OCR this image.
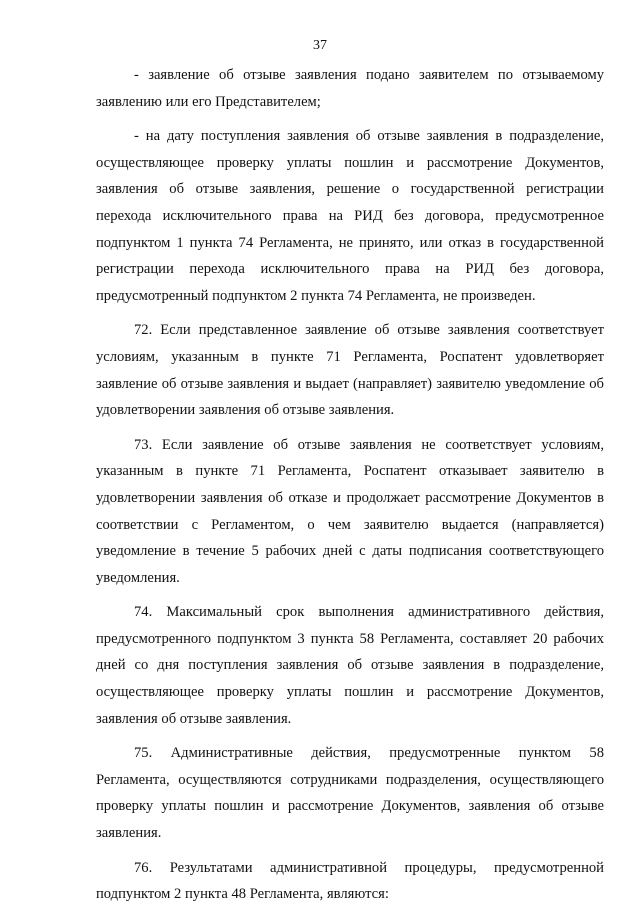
37

- заявление об отзыве заявления подано заявителем по отзываемому заявлению или его Представителем;

- на дату поступления заявления об отзыве заявления в подразделение, осуществляющее проверку уплаты пошлин и рассмотрение Документов, заявления об отзыве заявления, решение о государственной регистрации перехода исключительного права на РИД без договора, предусмотренное подпунктом 1 пункта 74 Регламента, не принято, или отказ в государственной регистрации перехода исключительного права на РИД без договора, предусмотренный подпунктом 2 пункта 74 Регламента, не произведен.

72. Если представленное заявление об отзыве заявления соответствует условиям, указанным в пункте 71 Регламента, Роспатент удовлетворяет заявление об отзыве заявления и выдает (направляет) заявителю уведомление об удовлетворении заявления об отзыве заявления.

73. Если заявление об отзыве заявления не соответствует условиям, указанным в пункте 71 Регламента, Роспатент отказывает заявителю в удовлетворении заявления об отказе и продолжает рассмотрение Документов в соответствии с Регламентом, о чем заявителю выдается (направляется) уведомление в течение 5 рабочих дней с даты подписания соответствующего уведомления.

74. Максимальный срок выполнения административного действия, предусмотренного подпунктом 3 пункта 58 Регламента, составляет 20 рабочих дней со дня поступления заявления об отзыве заявления в подразделение, осуществляющее проверку уплаты пошлин и рассмотрение Документов, заявления об отзыве заявления.

75. Административные действия, предусмотренные пунктом 58 Регламента, осуществляются сотрудниками подразделения, осуществляющего проверку уплаты пошлин и рассмотрение Документов, заявления об отзыве заявления.

76. Результатами административной процедуры, предусмотренной подпунктом 2 пункта 48 Регламента, являются:
